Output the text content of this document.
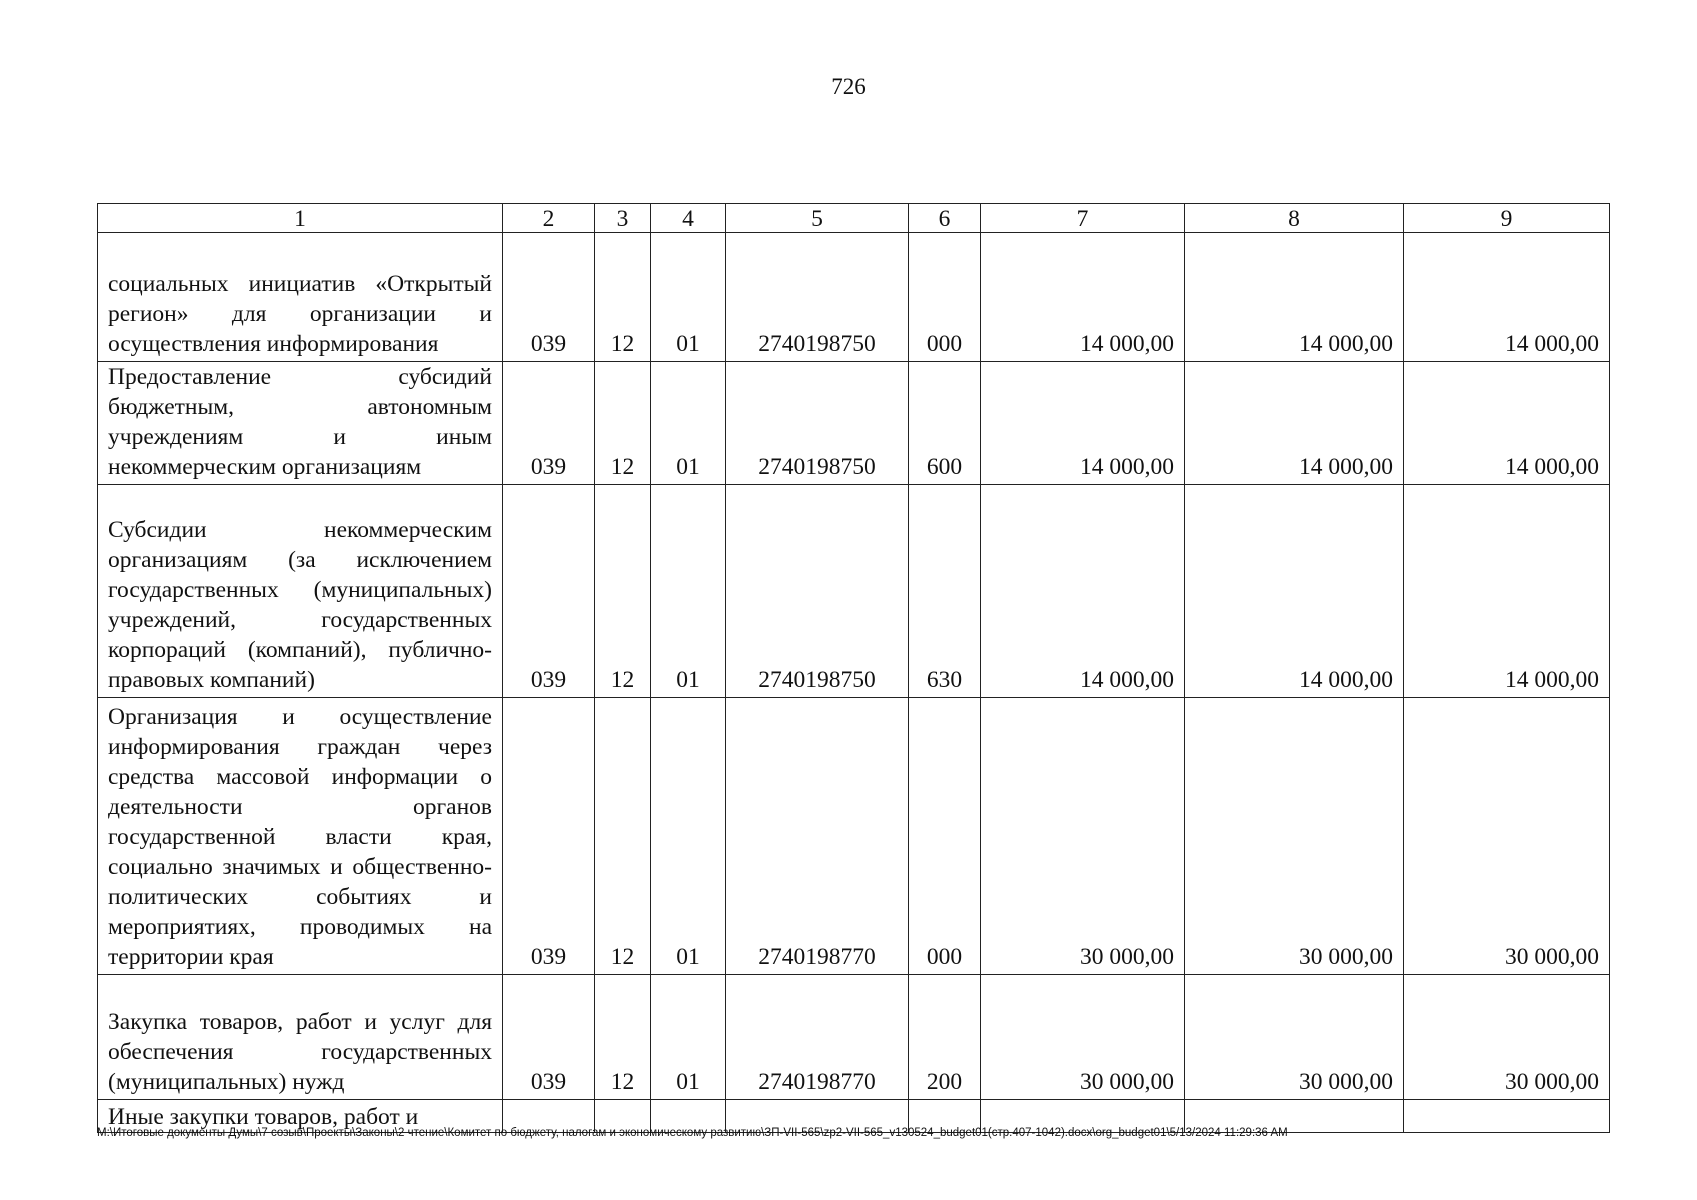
726
1	2	3	4	5	6	7	8	9
социальных инициатив «Открытый регион» для организации и осуществления информирования	039	12	01	2740198750	000	14 000,00	14 000,00	14 000,00
Предоставление субсидий бюджетным, автономным учреждениям и иным некоммерческим организациям	039	12	01	2740198750	600	14 000,00	14 000,00	14 000,00
Субсидии некоммерческим организациям (за исключением государственных (муниципальных) учреждений, государственных корпораций (компаний), публично-правовых компаний)	039	12	01	2740198750	630	14 000,00	14 000,00	14 000,00
Организация и осуществление информирования граждан через средства массовой информации о деятельности органов государственной власти края, социально значимых и общественно-политических событиях и мероприятиях, проводимых на территории края	039	12	01	2740198770	000	30 000,00	30 000,00	30 000,00
Закупка товаров, работ и услуг для обеспечения государственных (муниципальных) нужд	039	12	01	2740198770	200	30 000,00	30 000,00	30 000,00
Иные закупки товаров, работ и								
M:\Итоговые документы Думы\7 созыв\Проекты\Законы\2 чтение\Комитет по бюджету, налогам и экономическому развитию\ЗП-VII-565\zp2-VII-565_v130524_budget01(стр.407-1042).docx\org_budget01\5/13/2024 11:29:36 AM
